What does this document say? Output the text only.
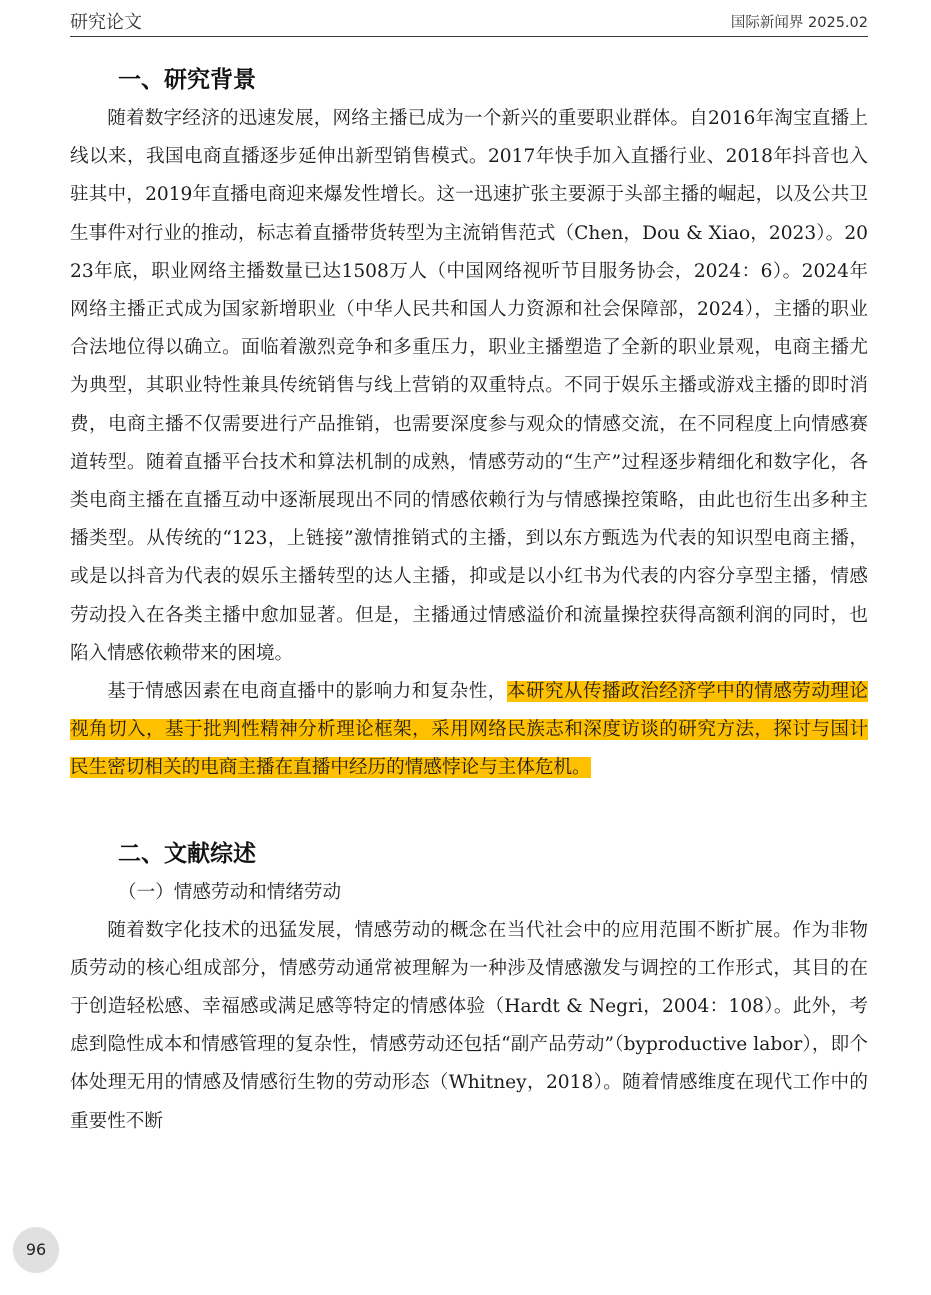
研究论文	国际新闻界 2025.02
一、研究背景

随着数字经济的迅速发展，网络主播已成为一个新兴的重要职业群体。自2016年淘宝直播上线以来，我国电商直播逐步延伸出新型销售模式。2017年快手加入直播行业、2018年抖音也入驻其中，2019年直播电商迎来爆发性增长。这一迅速扩张主要源于头部主播的崛起，以及公共卫生事件对行业的推动，标志着直播带货转型为主流销售范式（Chen，Dou & Xiao，2023）。2023年底，职业网络主播数量已达1508万人（中国网络视听节目服务协会，2024：6）。2024年网络主播正式成为国家新增职业（中华人民共和国人力资源和社会保障部，2024），主播的职业合法地位得以确立。面临着激烈竞争和多重压力，职业主播塑造了全新的职业景观，电商主播尤为典型，其职业特性兼具传统销售与线上营销的双重特点。不同于娱乐主播或游戏主播的即时消费，电商主播不仅需要进行产品推销，也需要深度参与观众的情感交流，在不同程度上向情感赛道转型。随着直播平台技术和算法机制的成熟，情感劳动的“生产”过程逐步精细化和数字化，各类电商主播在直播互动中逐渐展现出不同的情感依赖行为与情感操控策略，由此也衍生出多种主播类型。从传统的“123，上链接”激情推销式的主播，到以东方甄选为代表的知识型电商主播，或是以抖音为代表的娱乐主播转型的达人主播，抑或是以小红书为代表的内容分享型主播，情感劳动投入在各类主播中愈加显著。但是，主播通过情感溢价和流量操控获得高额利润的同时，也陷入情感依赖带来的困境。

基于情感因素在电商直播中的影响力和复杂性，本研究从传播政治经济学中的情感劳动理论视角切入，基于批判性精神分析理论框架，采用网络民族志和深度访谈的研究方法，探讨与国计民生密切相关的电商主播在直播中经历的情感悖论与主体危机。

二、文献综述
（一）情感劳动和情绪劳动

随着数字化技术的迅猛发展，情感劳动的概念在当代社会中的应用范围不断扩展。作为非物质劳动的核心组成部分，情感劳动通常被理解为一种涉及情感激发与调控的工作形式，其目的在于创造轻松感、幸福感或满足感等特定的情感体验（Hardt & Negri，2004：108）。此外，考虑到隐性成本和情感管理的复杂性，情感劳动还包括“副产品劳动”（byproductive labor），即个体处理无用的情感及情感衍生物的劳动形态（Whitney，2018）。随着情感维度在现代工作中的重要性不断

96
